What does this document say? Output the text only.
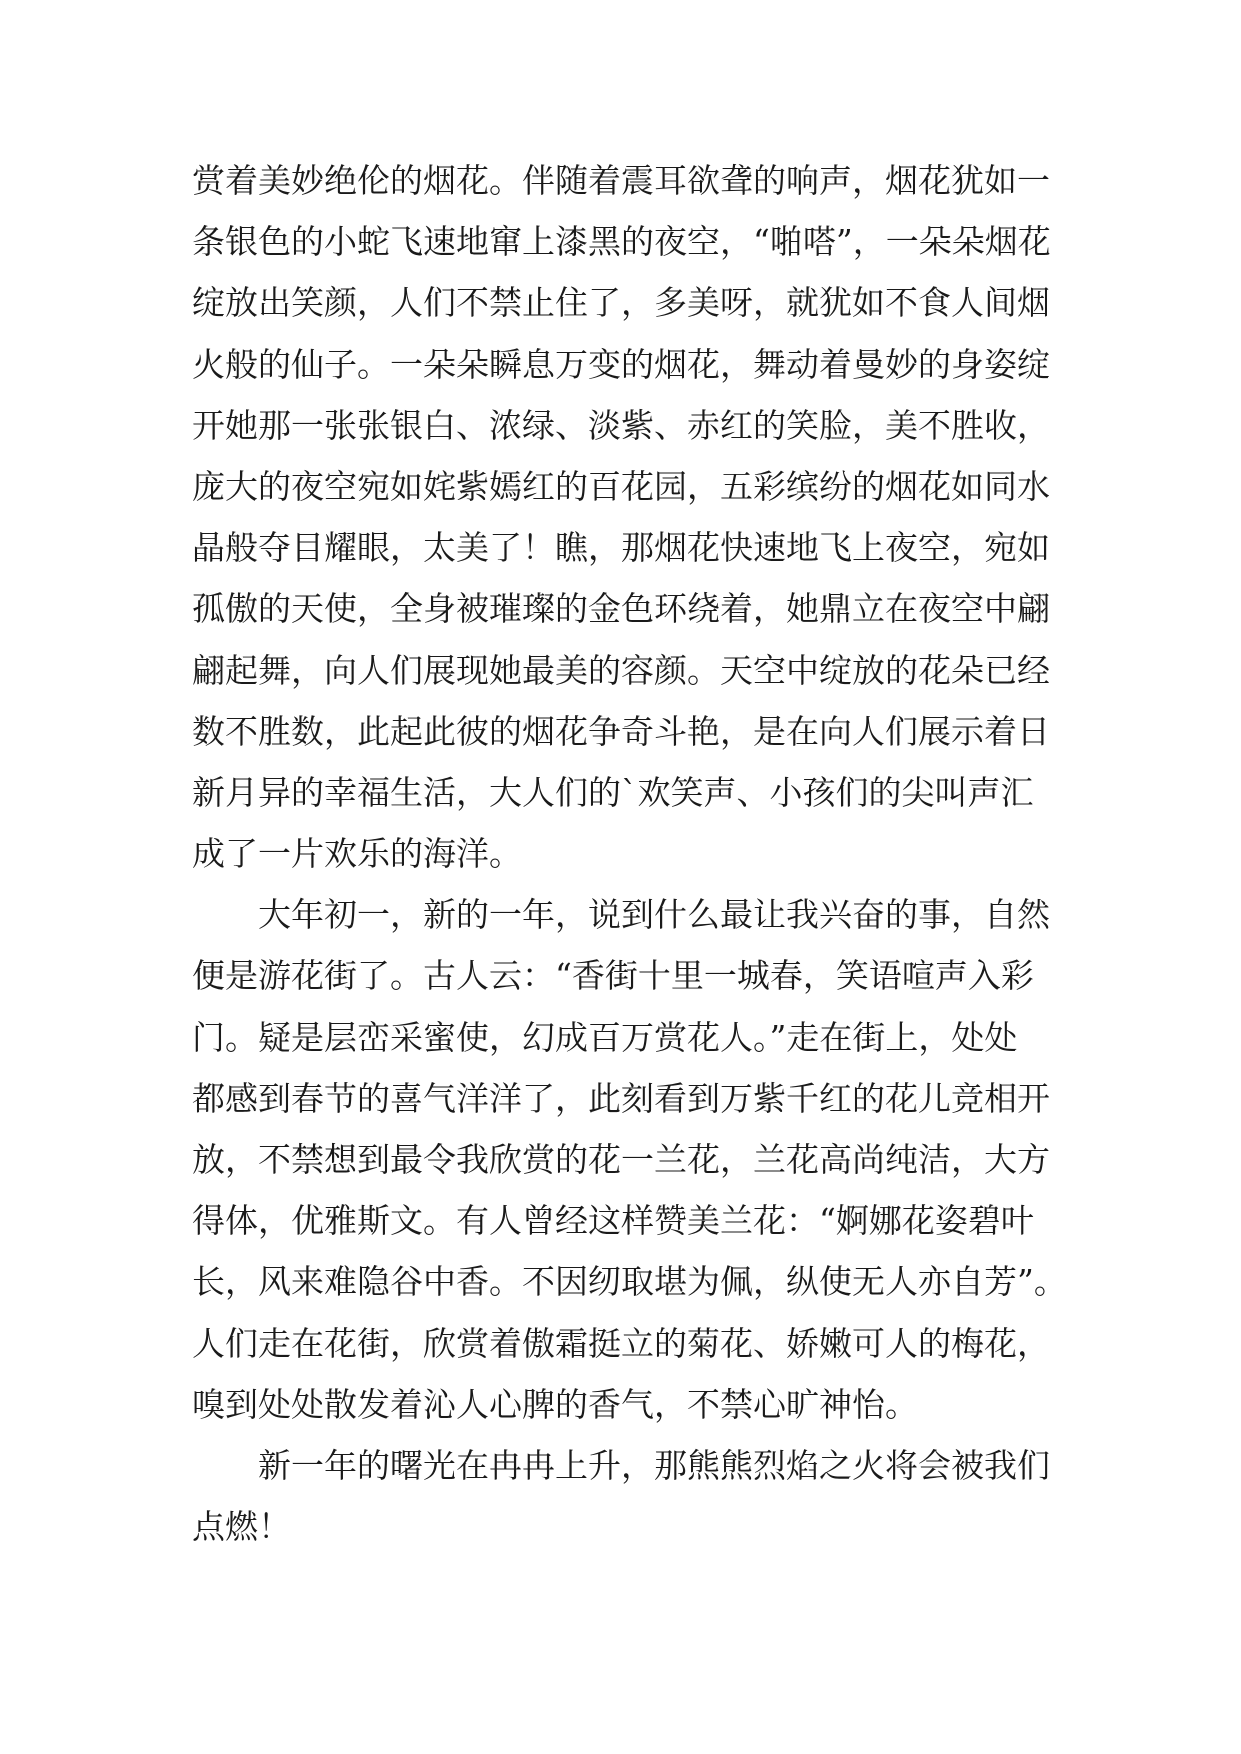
赏着美妙绝伦的烟花。伴随着震耳欲聋的响声，烟花犹如一
条银色的小蛇飞速地窜上漆黑的夜空，“啪嗒”，一朵朵烟花
绽放出笑颜，人们不禁止住了，多美呀，就犹如不食人间烟
火般的仙子。一朵朵瞬息万变的烟花，舞动着曼妙的身姿绽
开她那一张张银白、浓绿、淡紫、赤红的笑脸，美不胜收，
庞大的夜空宛如姹紫嫣红的百花园，五彩缤纷的烟花如同水
晶般夺目耀眼，太美了！瞧，那烟花快速地飞上夜空，宛如
孤傲的天使，全身被璀璨的金色环绕着，她鼎立在夜空中翩
翩起舞，向人们展现她最美的容颜。天空中绽放的花朵已经
数不胜数，此起此彼的烟花争奇斗艳，是在向人们展示着日
新月异的幸福生活，大人们的`欢笑声、小孩们的尖叫声汇
成了一片欢乐的海洋。
大年初一，新的一年，说到什么最让我兴奋的事，自然
便是游花街了。古人云：“香街十里一城春，笑语喧声入彩
门。疑是层峦采蜜使，幻成百万赏花人。”走在街上，处处
都感到春节的喜气洋洋了，此刻看到万紫千红的花儿竞相开
放，不禁想到最令我欣赏的花一兰花，兰花高尚纯洁，大方
得体，优雅斯文。有人曾经这样赞美兰花：“婀娜花姿碧叶
长，风来难隐谷中香。不因纫取堪为佩，纵使无人亦自芳”。
人们走在花街，欣赏着傲霜挺立的菊花、娇嫩可人的梅花，
嗅到处处散发着沁人心脾的香气，不禁心旷神怡。
新一年的曙光在冉冉上升，那熊熊烈焰之火将会被我们
点燃！
